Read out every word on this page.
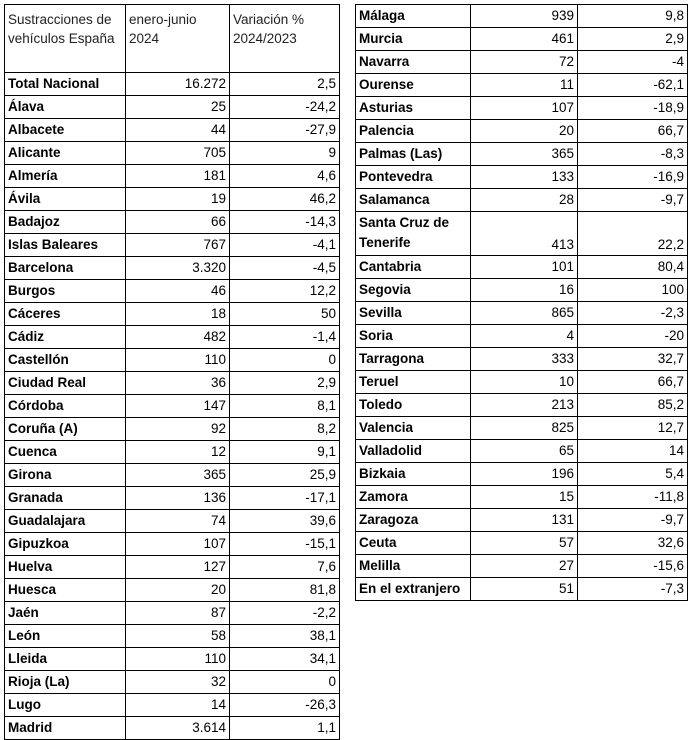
Sustracciones de vehículos España	enero-junio 2024	Variación % 2024/2023
Total Nacional	16.272	2,5
Álava	25	-24,2
Albacete	44	-27,9
Alicante	705	9
Almería	181	4,6
Ávila	19	46,2
Badajoz	66	-14,3
Islas Baleares	767	-4,1
Barcelona	3.320	-4,5
Burgos	46	12,2
Cáceres	18	50
Cádiz	482	-1,4
Castellón	110	0
Ciudad Real	36	2,9
Córdoba	147	8,1
Coruña (A)	92	8,2
Cuenca	12	9,1
Girona	365	25,9
Granada	136	-17,1
Guadalajara	74	39,6
Gipuzkoa	107	-15,1
Huelva	127	7,6
Huesca	20	81,8
Jaén	87	-2,2
León	58	38,1
Lleida	110	34,1
Rioja (La)	32	0
Lugo	14	-26,3
Madrid	3.614	1,1
Málaga	939	9,8
Murcia	461	2,9
Navarra	72	-4
Ourense	11	-62,1
Asturias	107	-18,9
Palencia	20	66,7
Palmas (Las)	365	-8,3
Pontevedra	133	-16,9
Salamanca	28	-9,7
Santa Cruz de Tenerife	413	22,2
Cantabria	101	80,4
Segovia	16	100
Sevilla	865	-2,3
Soria	4	-20
Tarragona	333	32,7
Teruel	10	66,7
Toledo	213	85,2
Valencia	825	12,7
Valladolid	65	14
Bizkaia	196	5,4
Zamora	15	-11,8
Zaragoza	131	-9,7
Ceuta	57	32,6
Melilla	27	-15,6
En el extranjero	51	-7,3
